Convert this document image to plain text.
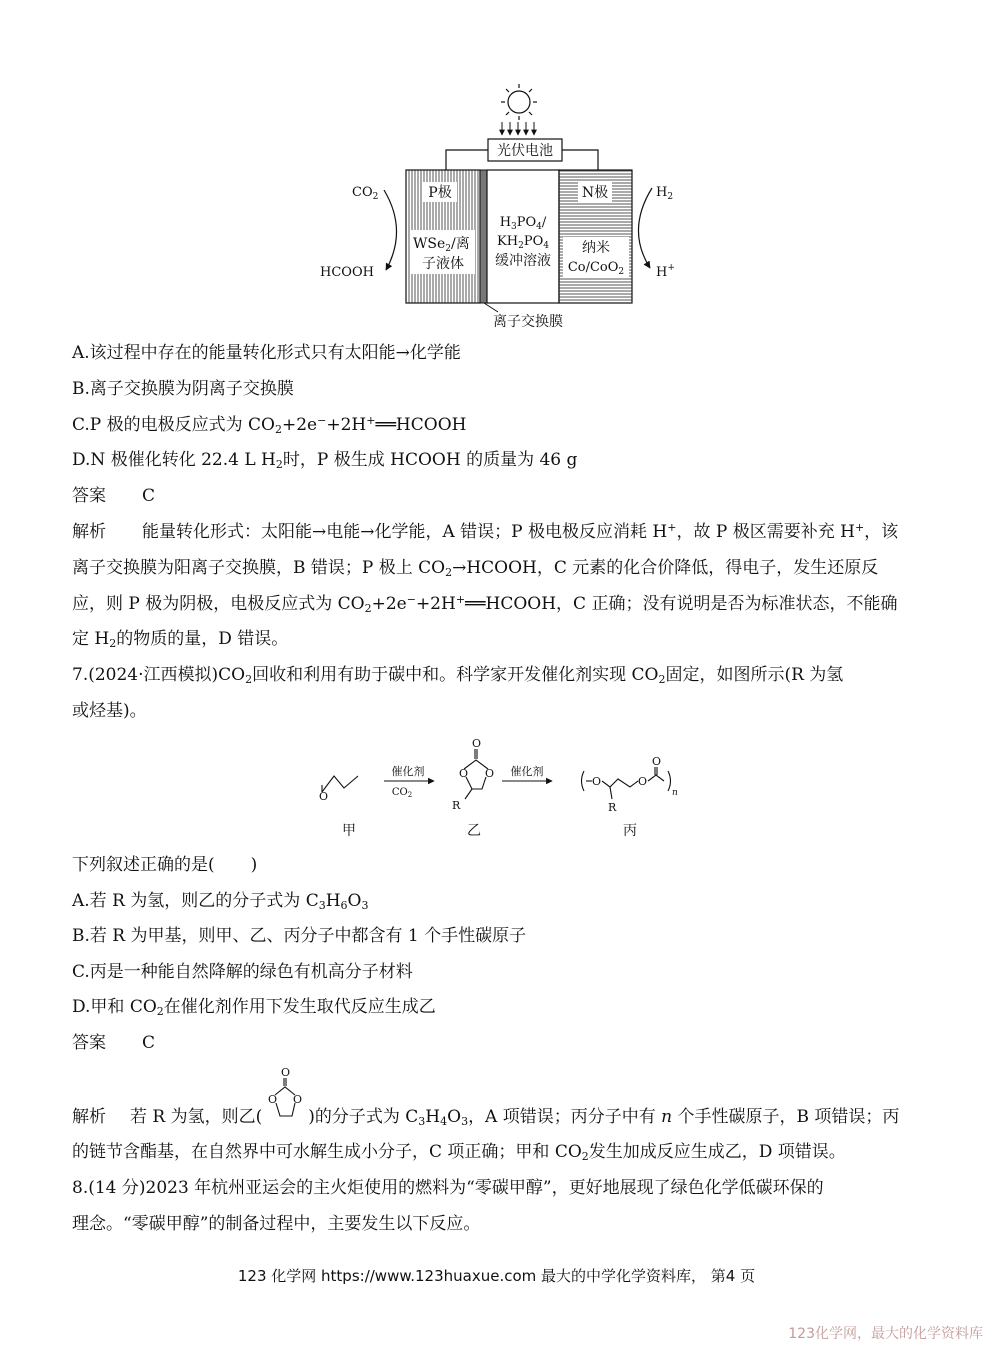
光伏电池
P极
WSe$_2$/离
子液体
$H_3PO_4/$
$KH_2PO_4$
缓冲溶液
N极
纳米
Co/CoO$_2$
$CO_2$
HCOOH
$H_2$
H+
离子交换膜
A.该过程中存在的能量转化形式只有太阳能→化学能
B.离子交换膜为阴离子交换膜
C.P 极的电极反应式为 $CO_2+2e^-+2H^+══HCOOH$
D.N 极催化转化 22.4 L $H_2$时，P 极生成 HCOOH 的质量为 46 g
答案 C
解析 能量转化形式：太阳能→电能→化学能，A 错误；P 极电极反应消耗 H+，故 P 极区需要补充 H+，该
离子交换膜为阳离子交换膜，B 错误；P 极上 $CO_2\to HCOOH$，C 元素的化合价降低，得电子，发生还原反
应，则 P 极为阴极，电极反应式为 $CO_2+2e^-+2H^+══HCOOH$，C 正确；没有说明是否为标准状态，不能确
定 $H_2$的物质的量，D 错误。
7.(2024·江西模拟)$CO_2$回收和利用有助于碳中和。科学家开发催化剂实现 $CO_2$固定，如图所示(R 为氢
或烃基)。
O
催化剂
$CO_2$
O
O O
R
催化剂
O	O
O
R
n
甲	乙	丙
下列叙述正确的是( )
A.若 R 为氢，则乙的分子式为 $C_3H_6O_3$
B.若 R 为甲基，则甲、乙、丙分子中都含有 1 个手性碳原子
C.丙是一种能自然降解的绿色有机高分子材料
D.甲和 $CO_2$在催化剂作用下发生取代反应生成乙
答案 C
解析 若 R 为氢，则乙(	)的分子式为 $C_3H_4O_3$，A 项错误；丙分子中有 n 个手性碳原子，B 项错误；丙
O
O O
的链节含酯基，在自然界中可水解生成小分子，C 项正确；甲和 $CO_2$发生加成反应生成乙，D 项错误。
8.(14 分)2023 年杭州亚运会的主火炬使用的燃料为“零碳甲醇”，更好地展现了绿色化学低碳环保的
理念。“零碳甲醇”的制备过程中，主要发生以下反应。
123 化学网 https://www.123huaxue.com 最大的中学化学资料库， 第4 页
123化学网，最大的化学资料库
